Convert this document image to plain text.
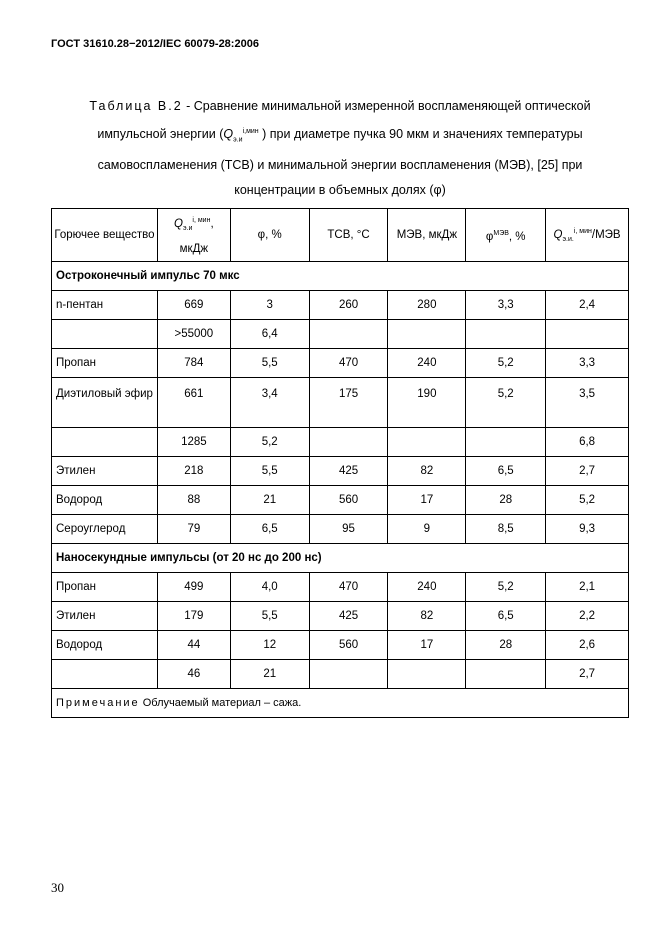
ГОСТ 31610.28−2012/IEC 60079-28:2006
Таблица В.2 - Сравнение минимальной измеренной воспламеняющей оптической
импульсной энергии ($Q_{э.и}^{i,мин}$ ) при диаметре пучка 90 мкм и значениях температуры
самовоспламенения (ТСВ) и минимальной энергии воспламенения (МЭВ), [25] при
концентрации в объемных долях (φ)
Горючее вещество	$Q_{э.и}^{i, мин}$, мкДж	φ, %	ТСВ, °С	МЭВ, мкДж	$\varphi^{МЭВ}$, %	$Q_{э.и.}^{i, мин}$/МЭВ
Остроконечный импульс 70 мкс						
n-пентан	669	3	260	280	3,3	2,4
	>55000	6,4				
Пропан	784	5,5	470	240	5,2	3,3
Диэтиловый эфир	661	3,4	175	190	5,2	3,5
	1285	5,2				6,8
Этилен	218	5,5	425	82	6,5	2,7
Водород	88	21	560	17	28	5,2
Сероуглерод	79	6,5	95	9	8,5	9,3
Наносекундные импульсы (от 20 нс до 200 нс)						
Пропан	499	4,0	470	240	5,2	2,1
Этилен	179	5,5	425	82	6,5	2,2
Водород	44	12	560	17	28	2,6
	46	21				2,7
Примечание Облучаемый материал – сажа.						
30
